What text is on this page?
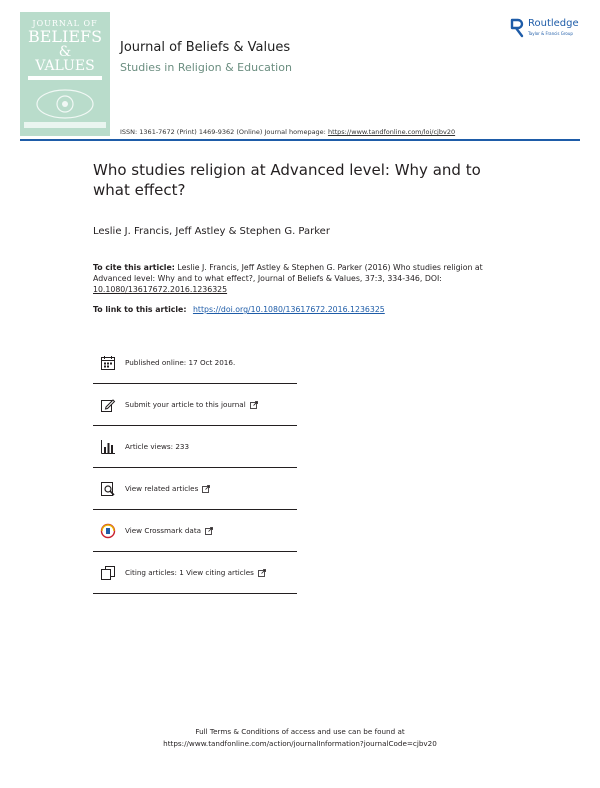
JOURNAL OF
BELIEFS
&
VALUES
Journal of Beliefs & Values
Studies in Religion & Education
ISSN: 1361-7672 (Print) 1469-9362 (Online) Journal homepage: https://www.tandfonline.com/loi/cjbv20
Routledge
Taylor & Francis Group
Who studies religion at Advanced level: Why and to what effect?
Leslie J. Francis, Jeff Astley & Stephen G. Parker
To cite this article: Leslie J. Francis, Jeff Astley & Stephen G. Parker (2016) Who studies religion at Advanced level: Why and to what effect?, Journal of Beliefs & Values, 37:3, 334-346, DOI: 10.1080/13617672.2016.1236325
To link to this article: https://doi.org/10.1080/13617672.2016.1236325
Published online: 17 Oct 2016.
Submit your article to this journal
Article views: 233
View related articles
View Crossmark data
Citing articles: 1 View citing articles
Full Terms & Conditions of access and use can be found at
https://www.tandfonline.com/action/journalInformation?journalCode=cjbv20
